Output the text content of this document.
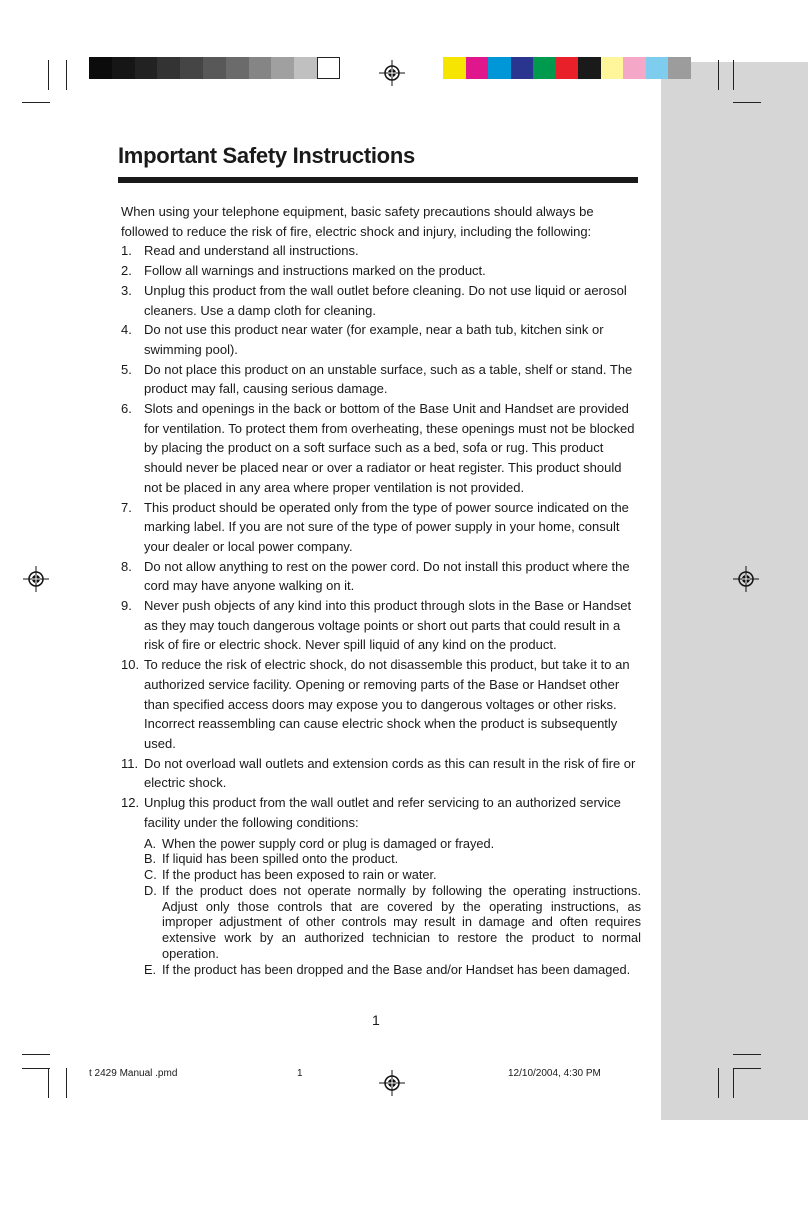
Important Safety Instructions

When using your telephone equipment, basic safety precautions should always be followed to reduce the risk of fire, electric shock and injury, including the following:

1. Read and understand all instructions.
2. Follow all warnings and instructions marked on the product.
3. Unplug this product from the wall outlet before cleaning. Do not use liquid or aerosol cleaners. Use a damp cloth for cleaning.
4. Do not use this product near water (for example, near a bath tub, kitchen sink or swimming pool).
5. Do not place this product on an unstable surface, such as a table, shelf or stand. The product may fall, causing serious damage.
6. Slots and openings in the back or bottom of the Base Unit and Handset are provided for ventilation. To protect them from overheating, these openings must not be blocked by placing the product on a soft surface such as a bed, sofa or rug. This product should never be placed near or over a radiator or heat register. This product should not be placed in any area where proper ventilation is not provided.
7. This product should be operated only from the type of power source indicated on the marking label. If you are not sure of the type of power supply in your home, consult your dealer or local power company.
8. Do not allow anything to rest on the power cord. Do not install this product where the cord may have anyone walking on it.
9. Never push objects of any kind into this product through slots in the Base or Handset as they may touch dangerous voltage points or short out parts that could result in a risk of fire or electric shock. Never spill liquid of any kind on the product.
10. To reduce the risk of electric shock, do not disassemble this product, but take it to an authorized service facility. Opening or removing parts of the Base or Handset other than specified access doors may expose you to dangerous voltages or other risks. Incorrect reassembling can cause electric shock when the product is subsequently used.
11. Do not overload wall outlets and extension cords as this can result in the risk of fire or electric shock.
12. Unplug this product from the wall outlet and refer servicing to an authorized service facility under the following conditions:
A. When the power supply cord or plug is damaged or frayed.
B. If liquid has been spilled onto the product.
C. If the product has been exposed to rain or water.
D. If the product does not operate normally by following the operating instructions. Adjust only those controls that are covered by the operating instructions, as improper adjustment of other controls may result in damage and often requires extensive work by an authorized technician to restore the product to normal operation.
E. If the product has been dropped and the Base and/or Handset has been damaged.
1
t 2429 Manual .pmd	1	12/10/2004, 4:30 PM
